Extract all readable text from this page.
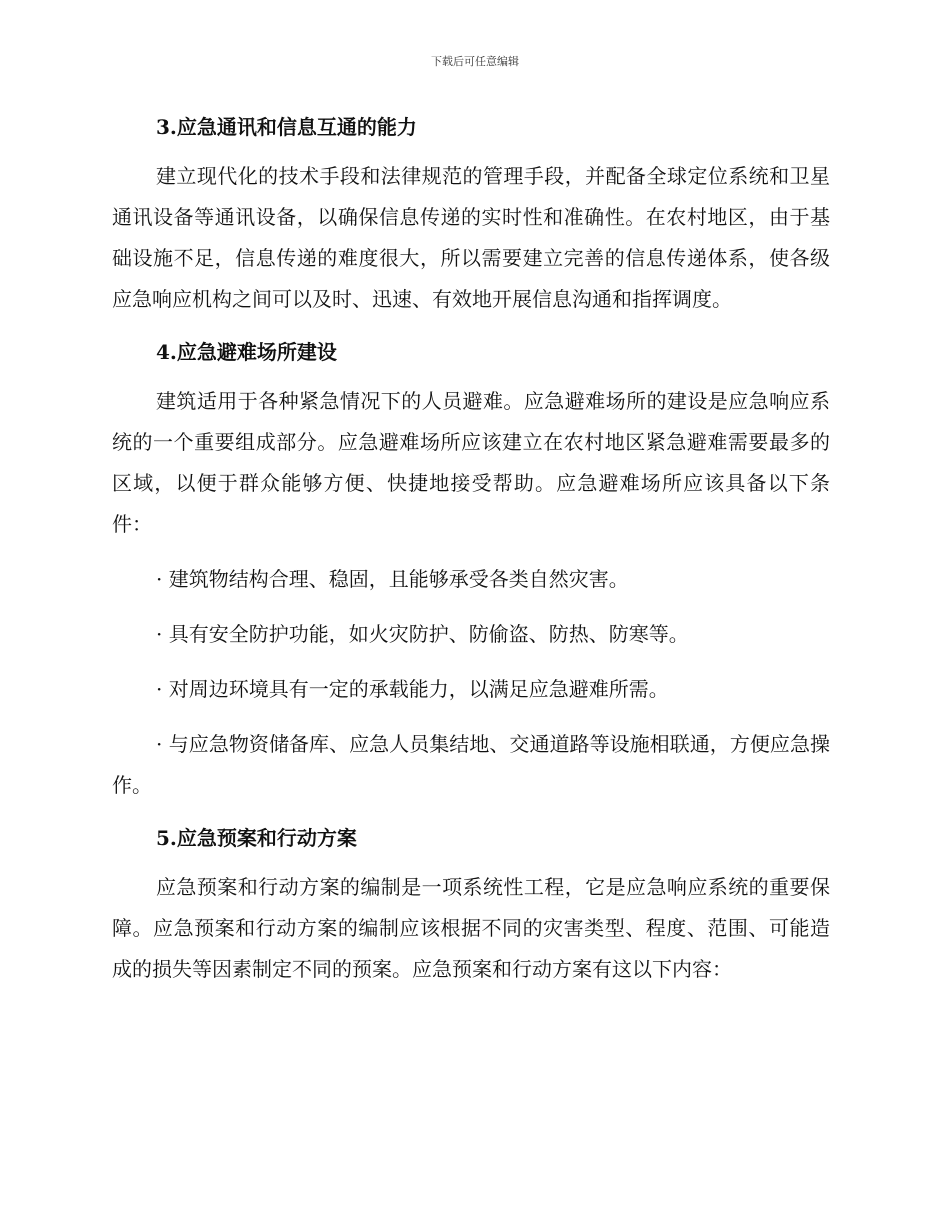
下载后可任意编辑
3.应急通讯和信息互通的能力

建立现代化的技术手段和法律规范的管理手段，并配备全球定位系统和卫星通讯设备等通讯设备，以确保信息传递的实时性和准确性。在农村地区，由于基础设施不足，信息传递的难度很大，所以需要建立完善的信息传递体系，使各级应急响应机构之间可以及时、迅速、有效地开展信息沟通和指挥调度。

4.应急避难场所建设

建筑适用于各种紧急情况下的人员避难。应急避难场所的建设是应急响应系统的一个重要组成部分。应急避难场所应该建立在农村地区紧急避难需要最多的区域，以便于群众能够方便、快捷地接受帮助。应急避难场所应该具备以下条件：

· 建筑物结构合理、稳固，且能够承受各类自然灾害。

· 具有安全防护功能，如火灾防护、防偷盗、防热、防寒等。

· 对周边环境具有一定的承载能力，以满足应急避难所需。

· 与应急物资储备库、应急人员集结地、交通道路等设施相联通，方便应急操作。

5.应急预案和行动方案

应急预案和行动方案的编制是一项系统性工程，它是应急响应系统的重要保障。应急预案和行动方案的编制应该根据不同的灾害类型、程度、范围、可能造成的损失等因素制定不同的预案。应急预案和行动方案有这以下内容：
